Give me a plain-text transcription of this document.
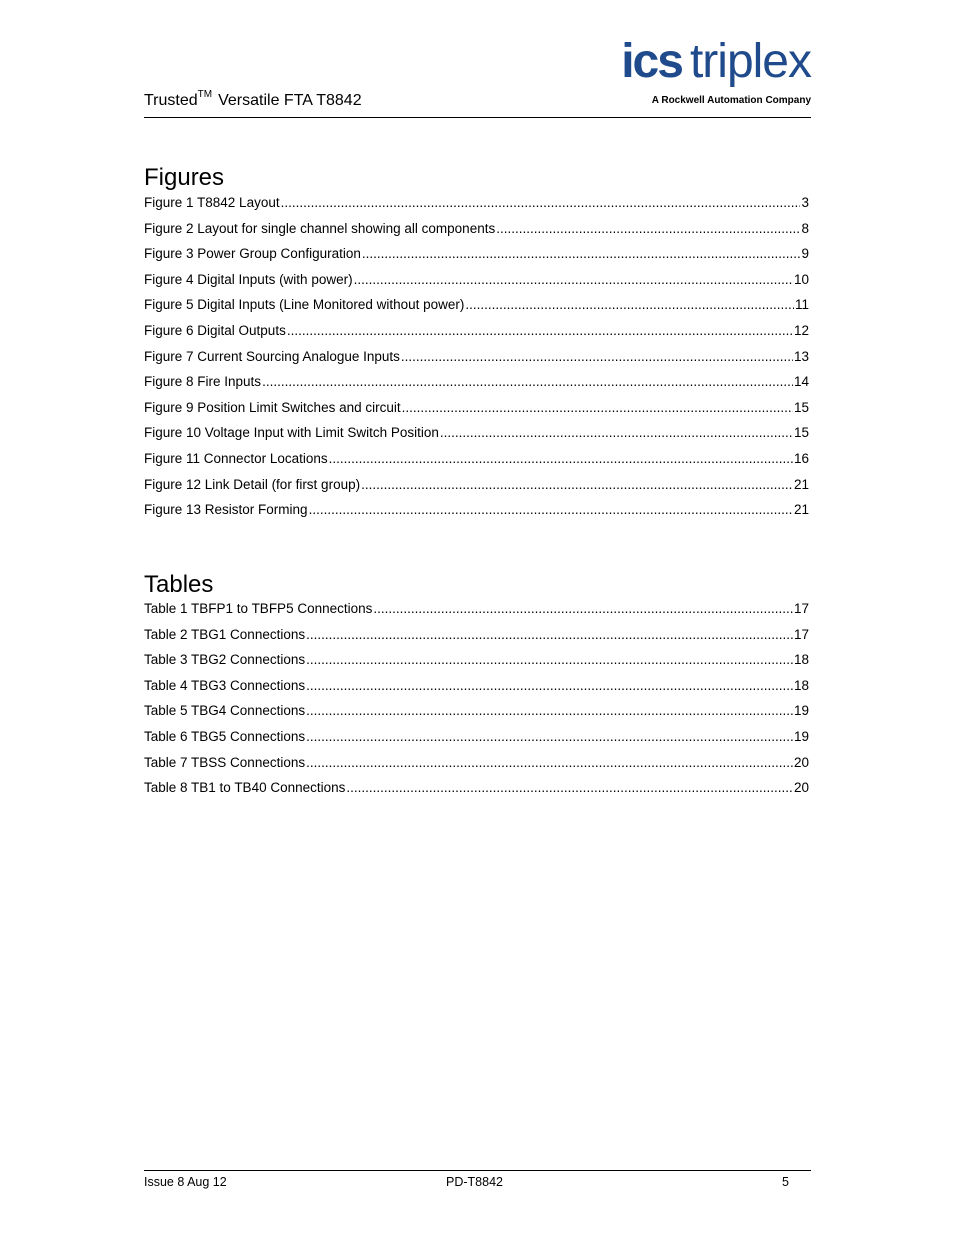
Trusted™ Versatile FTA T8842
ics triplex
A Rockwell Automation Company
Figures
Figure 1 T8842 Layout .....	3
Figure 2 Layout for single channel showing all components .....	8
Figure 3 Power Group Configuration .....	9
Figure 4 Digital Inputs (with power) .....	10
Figure 5 Digital Inputs (Line Monitored without power) .....	11
Figure 6 Digital Outputs .....	12
Figure 7 Current Sourcing Analogue Inputs .....	13
Figure 8 Fire Inputs .....	14
Figure 9 Position Limit Switches and circuit .....	15
Figure 10 Voltage Input with Limit Switch Position .....	15
Figure 11 Connector Locations .....	16
Figure 12 Link Detail (for first group) .....	21
Figure 13 Resistor Forming .....	21
Tables
Table 1 TBFP1 to TBFP5 Connections .....	17
Table 2 TBG1 Connections .....	17
Table 3 TBG2 Connections .....	18
Table 4 TBG3 Connections .....	18
Table 5 TBG4 Connections .....	19
Table 6 TBG5 Connections .....	19
Table 7 TBSS Connections .....	20
Table 8 TB1 to TB40 Connections .....	20
Issue 8 Aug 12	PD-T8842	5
